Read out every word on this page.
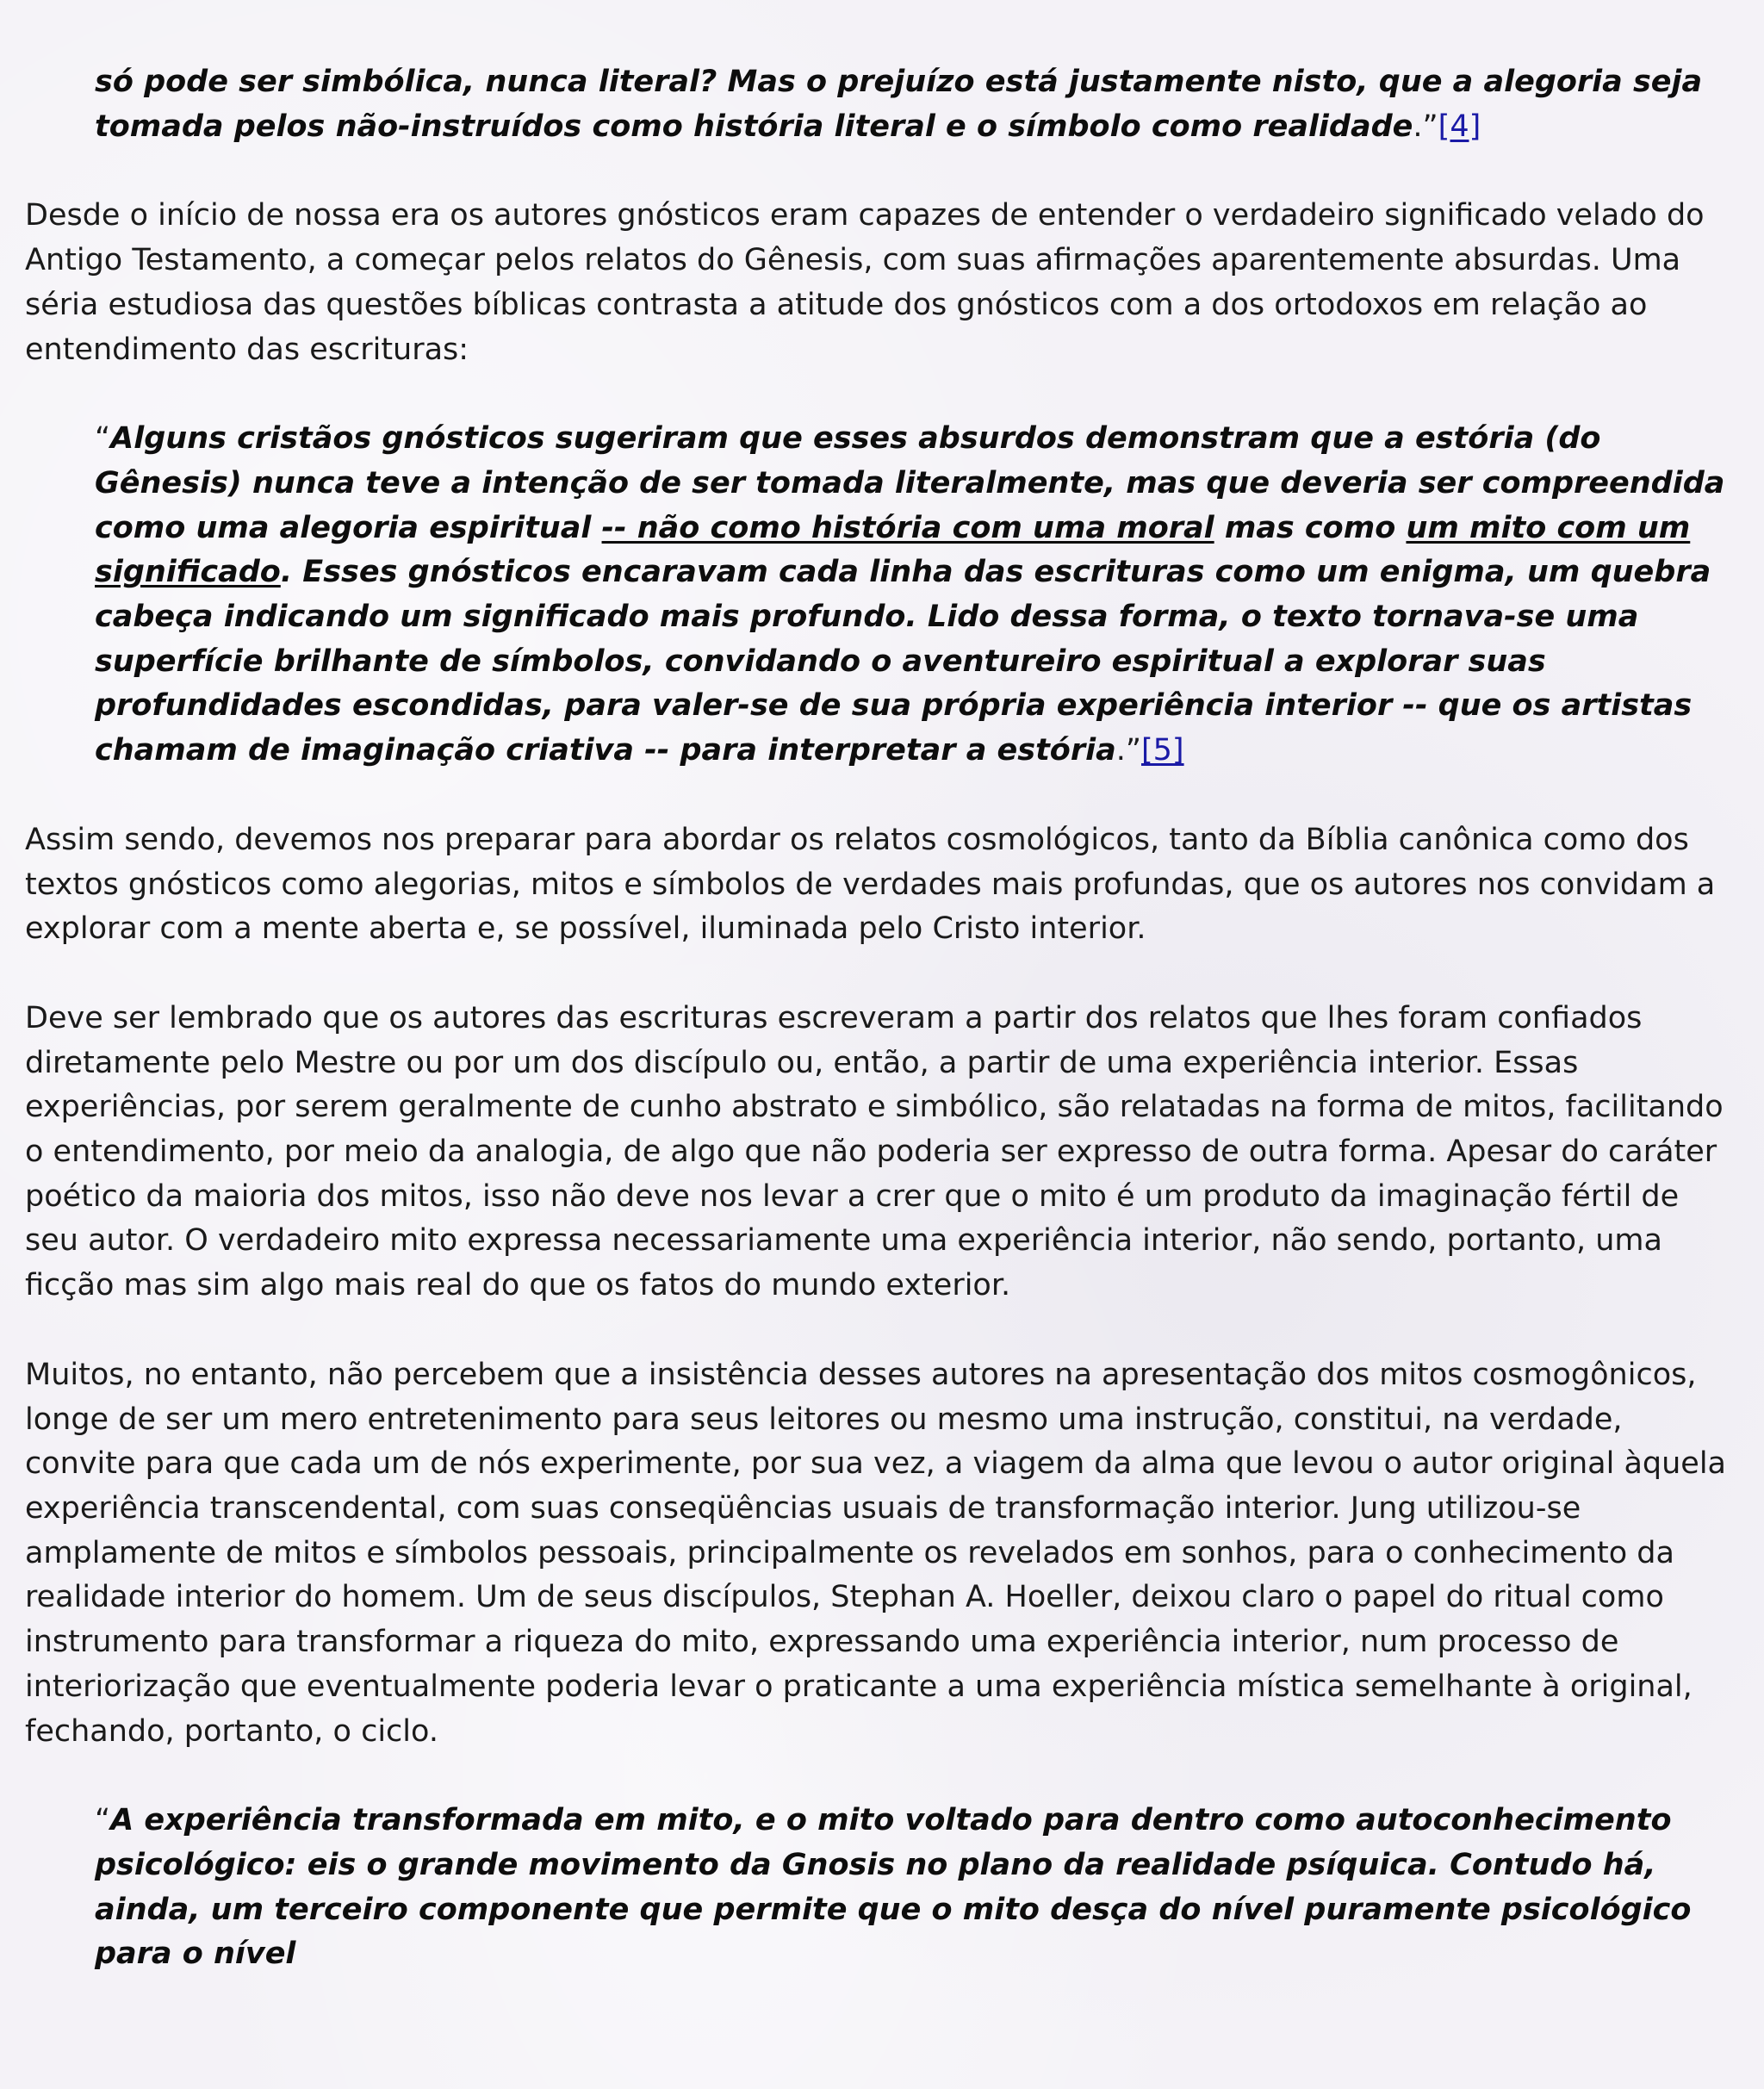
só pode ser simbólica, nunca literal? Mas o prejuízo está justamente nisto, que a alegoria seja tomada pelos não-instruídos como história literal e o símbolo como realidade.”[4]

Desde o início de nossa era os autores gnósticos eram capazes de entender o verdadeiro significado velado do Antigo Testamento, a começar pelos relatos do Gênesis, com suas afirmações aparentemente absurdas. Uma séria estudiosa das questões bíblicas contrasta a atitude dos gnósticos com a dos ortodoxos em relação ao entendimento das escrituras:

“Alguns cristãos gnósticos sugeriram que esses absurdos demonstram que a estória (do Gênesis) nunca teve a intenção de ser tomada literalmente, mas que deveria ser compreendida como uma alegoria espiritual -- não como história com uma moral mas como um mito com um significado. Esses gnósticos encaravam cada linha das escrituras como um enigma, um quebra cabeça indicando um significado mais profundo. Lido dessa forma, o texto tornava-se uma superfície brilhante de símbolos, convidando o aventureiro espiritual a explorar suas profundidades escondidas, para valer-se de sua própria experiência interior -- que os artistas chamam de imaginação criativa -- para interpretar a estória.”[5]

Assim sendo, devemos nos preparar para abordar os relatos cosmológicos, tanto da Bíblia canônica como dos textos gnósticos como alegorias, mitos e símbolos de verdades mais profundas, que os autores nos convidam a explorar com a mente aberta e, se possível, iluminada pelo Cristo interior.

Deve ser lembrado que os autores das escrituras escreveram a partir dos relatos que lhes foram confiados diretamente pelo Mestre ou por um dos discípulo ou, então, a partir de uma experiência interior. Essas experiências, por serem geralmente de cunho abstrato e simbólico, são relatadas na forma de mitos, facilitando o entendimento, por meio da analogia, de algo que não poderia ser expresso de outra forma. Apesar do caráter poético da maioria dos mitos, isso não deve nos levar a crer que o mito é um produto da imaginação fértil de seu autor. O verdadeiro mito expressa necessariamente uma experiência interior, não sendo, portanto, uma ficção mas sim algo mais real do que os fatos do mundo exterior.

Muitos, no entanto, não percebem que a insistência desses autores na apresentação dos mitos cosmogônicos, longe de ser um mero entretenimento para seus leitores ou mesmo uma instrução, constitui, na verdade, convite para que cada um de nós experimente, por sua vez, a viagem da alma que levou o autor original àquela experiência transcendental, com suas conseqüências usuais de transformação interior. Jung utilizou-se amplamente de mitos e símbolos pessoais, principalmente os revelados em sonhos, para o conhecimento da realidade interior do homem. Um de seus discípulos, Stephan A. Hoeller, deixou claro o papel do ritual como instrumento para transformar a riqueza do mito, expressando uma experiência interior, num processo de interiorização que eventualmente poderia levar o praticante a uma experiência mística semelhante à original, fechando, portanto, o ciclo.

“A experiência transformada em mito, e o mito voltado para dentro como autoconhecimento psicológico: eis o grande movimento da Gnosis no plano da realidade psíquica. Contudo há, ainda, um terceiro componente que permite que o mito desça do nível puramente psicológico para o nível
